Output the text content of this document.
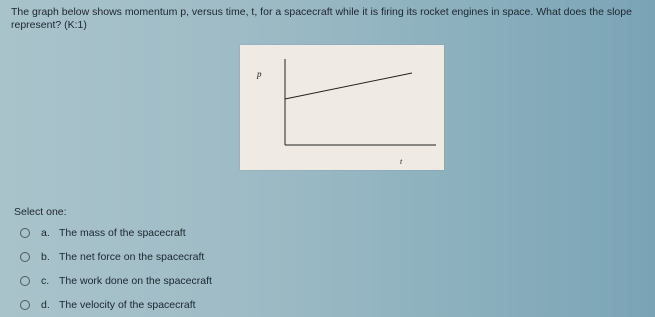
The graph below shows momentum p, versus time, t, for a spacecraft while it is firing its rocket engines in space. What does the slope represent? (K:1)
p
t
Select one:
a. The mass of the spacecraft
b. The net force on the spacecraft
c. The work done on the spacecraft
d. The velocity of the spacecraft
